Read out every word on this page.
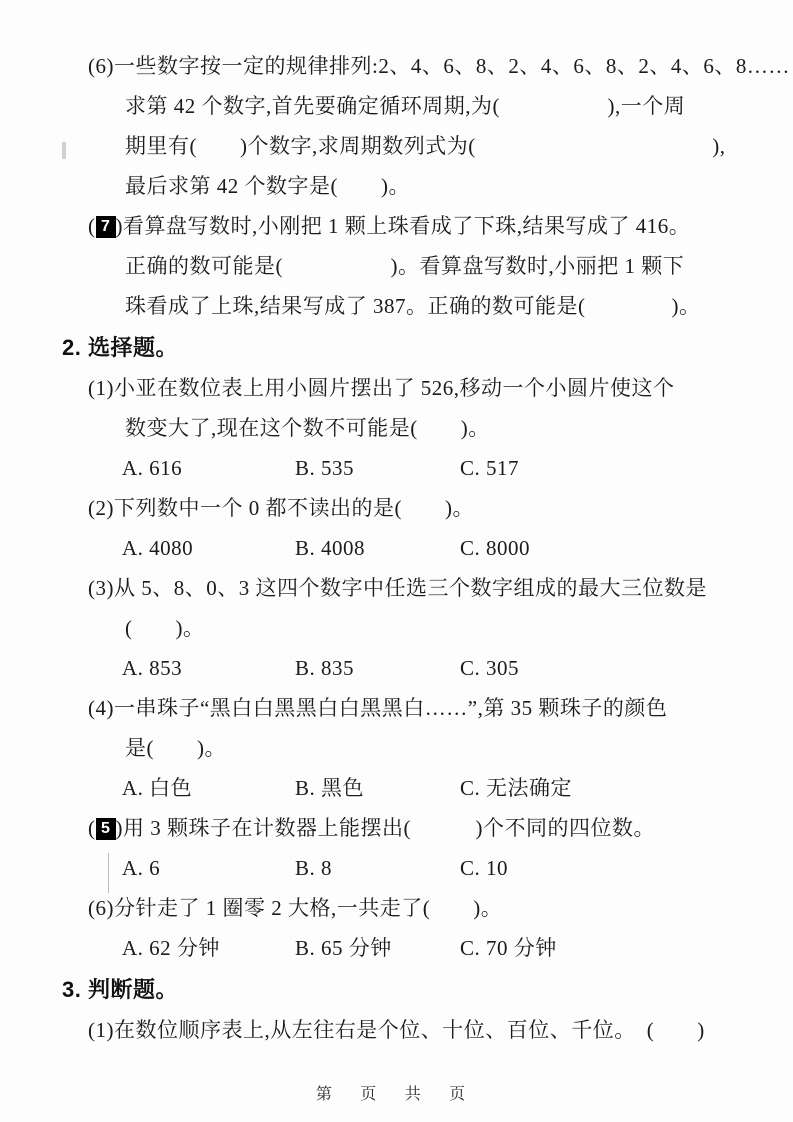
(6)一些数字按一定的规律排列:2、4、6、8、2、4、6、8、2、4、6、8……
求第 42 个数字,首先要确定循环周期,为(　　　　　),一个周
期里有(　　)个数字,求周期数列式为(　　　　　　　　　　　),
最后求第 42 个数字是(　　)。
( 7 )看算盘写数时,小刚把 1 颗上珠看成了下珠,结果写成了 416。
正确的数可能是(　　　　　)。看算盘写数时,小丽把 1 颗下
珠看成了上珠,结果写成了 387。正确的数可能是(　　　　)。
2. 选择题。
(1)小亚在数位表上用小圆片摆出了 526,移动一个小圆片使这个
数变大了,现在这个数不可能是(　　)。
A. 616	B. 535	C. 517
(2)下列数中一个 0 都不读出的是(　　)。
A. 4080	B. 4008	C. 8000
(3)从 5、8、0、3 这四个数字中任选三个数字组成的最大三位数是
(　　)。
A. 853	B. 835	C. 305
(4)一串珠子“黑白白黑黑白白黑黑白……”,第 35 颗珠子的颜色
是(　　)。
A. 白色	B. 黑色	C. 无法确定
( 5 )用 3 颗珠子在计数器上能摆出(　　　)个不同的四位数。
A. 6	B. 8	C. 10
(6)分针走了 1 圈零 2 大格,一共走了(　　)。
A. 62 分钟	B. 65 分钟	C. 70 分钟
3. 判断题。
(1)在数位顺序表上,从左往右是个位、十位、百位、千位。　(　　)
第 页 共 页
